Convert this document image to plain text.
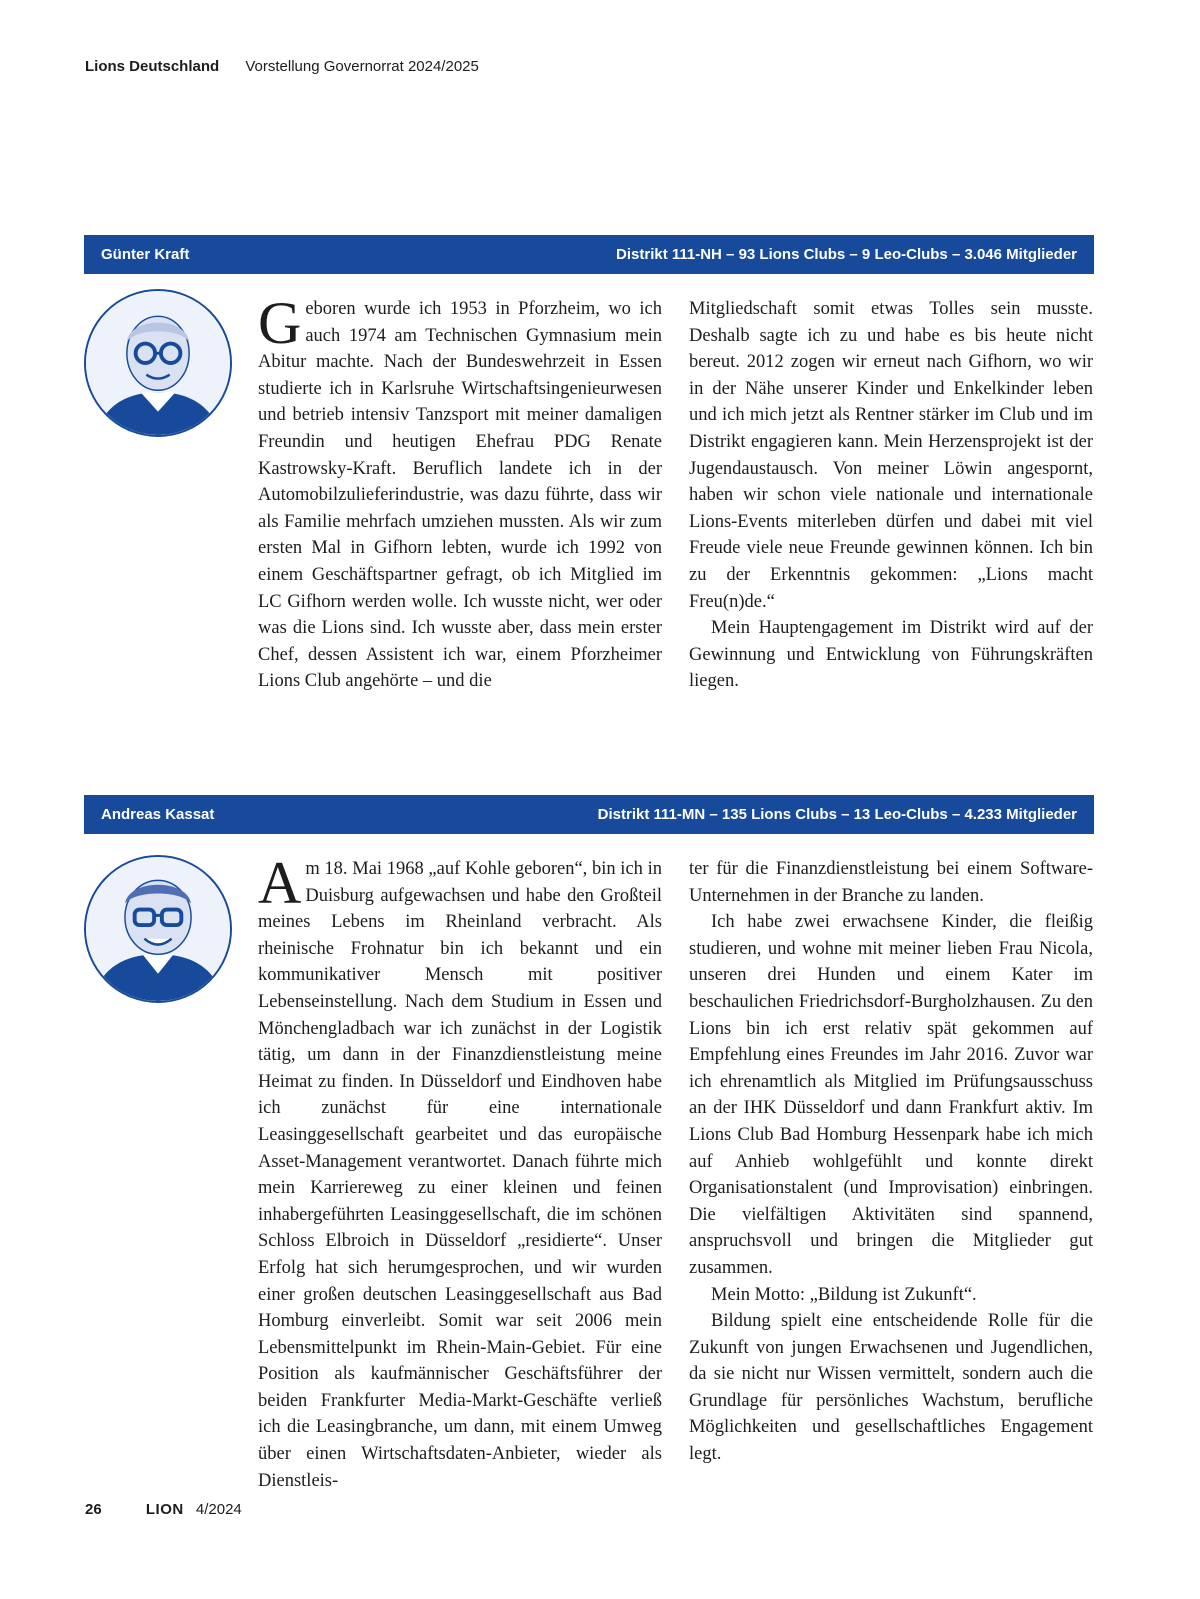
Lions Deutschland Vorstellung Governorrat 2024/2025
Günter Kraft	Distrikt 111-NH – 93 Lions Clubs – 9 Leo-Clubs – 3.046 Mitglieder

Geboren wurde ich 1953 in Pforzheim, wo ich auch 1974 am Technischen Gymnasium mein Abitur machte. Nach der Bundeswehrzeit in Essen studierte ich in Karlsruhe Wirtschaftsingenieurwesen und betrieb intensiv Tanzsport mit meiner damaligen Freundin und heutigen Ehefrau PDG Renate Kastrowsky-Kraft. Beruflich landete ich in der Automobilzulieferindustrie, was dazu führte, dass wir als Familie mehrfach umziehen mussten. Als wir zum ersten Mal in Gifhorn lebten, wurde ich 1992 von einem Geschäftspartner gefragt, ob ich Mitglied im LC Gifhorn werden wolle. Ich wusste nicht, wer oder was die Lions sind. Ich wusste aber, dass mein erster Chef, dessen Assistent ich war, einem Pforzheimer Lions Club angehörte – und die

Mitgliedschaft somit etwas Tolles sein musste. Deshalb sagte ich zu und habe es bis heute nicht bereut. 2012 zogen wir erneut nach Gifhorn, wo wir in der Nähe unserer Kinder und Enkelkinder leben und ich mich jetzt als Rentner stärker im Club und im Distrikt engagieren kann. Mein Herzensprojekt ist der Jugendaustausch. Von meiner Löwin angespornt, haben wir schon viele nationale und internationale Lions-Events miterleben dürfen und dabei mit viel Freude viele neue Freunde gewinnen können. Ich bin zu der Erkenntnis gekommen: „Lions macht Freu(n)de.“

Mein Hauptengagement im Distrikt wird auf der Gewinnung und Entwicklung von Führungskräften liegen.

Andreas Kassat	Distrikt 111-MN – 135 Lions Clubs – 13 Leo-Clubs – 4.233 Mitglieder

Am 18. Mai 1968 „auf Kohle geboren“, bin ich in Duisburg aufgewachsen und habe den Großteil meines Lebens im Rheinland verbracht. Als rheinische Frohnatur bin ich bekannt und ein kommunikativer Mensch mit positiver Lebenseinstellung. Nach dem Studium in Essen und Mönchengladbach war ich zunächst in der Logistik tätig, um dann in der Finanzdienstleistung meine Heimat zu finden. In Düsseldorf und Eindhoven habe ich zunächst für eine internationale Leasinggesellschaft gearbeitet und das europäische Asset-Management verantwortet. Danach führte mich mein Karriereweg zu einer kleinen und feinen inhabergeführten Leasinggesellschaft, die im schönen Schloss Elbroich in Düsseldorf „residierte“. Unser Erfolg hat sich herumgesprochen, und wir wurden einer großen deutschen Leasinggesellschaft aus Bad Homburg einverleibt. Somit war seit 2006 mein Lebensmittelpunkt im Rhein-Main-Gebiet. Für eine Position als kaufmännischer Geschäftsführer der beiden Frankfurter Media-Markt-Geschäfte verließ ich die Leasingbranche, um dann, mit einem Umweg über einen Wirtschaftsdaten-Anbieter, wieder als Dienstleis-

ter für die Finanzdienstleistung bei einem Software-Unternehmen in der Branche zu landen.

Ich habe zwei erwachsene Kinder, die fleißig studieren, und wohne mit meiner lieben Frau Nicola, unseren drei Hunden und einem Kater im beschaulichen Friedrichsdorf-Burgholzhausen. Zu den Lions bin ich erst relativ spät gekommen auf Empfehlung eines Freundes im Jahr 2016. Zuvor war ich ehrenamtlich als Mitglied im Prüfungsausschuss an der IHK Düsseldorf und dann Frankfurt aktiv. Im Lions Club Bad Homburg Hessenpark habe ich mich auf Anhieb wohlgefühlt und konnte direkt Organisationstalent (und Improvisation) einbringen. Die vielfältigen Aktivitäten sind spannend, anspruchsvoll und bringen die Mitglieder gut zusammen.

Mein Motto: „Bildung ist Zukunft“.

Bildung spielt eine entscheidende Rolle für die Zukunft von jungen Erwachsenen und Jugendlichen, da sie nicht nur Wissen vermittelt, sondern auch die Grundlage für persönliches Wachstum, berufliche Möglichkeiten und gesellschaftliches Engagement legt.

26	LION 4/2024
